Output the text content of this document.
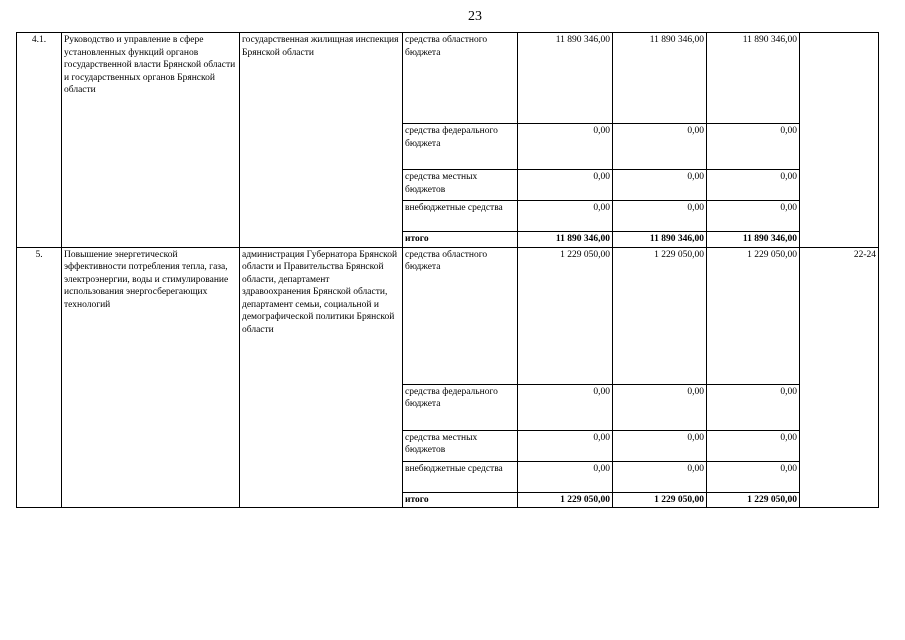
23
4.1.	Руководство и управление в сфере установленных функций органов государственной власти Брянской области и государственных органов Брянской области	государственная жилищная инспекция Брянской области	средства областного бюджета	11 890 346,00	11 890 346,00	11 890 346,00	
			средства федерального бюджета	0,00	0,00	0,00	
			средства местных бюджетов	0,00	0,00	0,00	
			внебюджетные средства	0,00	0,00	0,00	
			итого	11 890 346,00	11 890 346,00	11 890 346,00	
5.	Повышение энергетической эффективности потребления тепла, газа, электроэнергии, воды и стимулирование использования энергосберегающих технологий	администрация Губернатора Брянской области и Правительства Брянской области, департамент здравоохранения Брянской области, департамент семьи, социальной и демографической политики Брянской области	средства областного бюджета	1 229 050,00	1 229 050,00	1 229 050,00	22-24
			средства федерального бюджета	0,00	0,00	0,00	
			средства местных бюджетов	0,00	0,00	0,00	
			внебюджетные средства	0,00	0,00	0,00	
			итого	1 229 050,00	1 229 050,00	1 229 050,00	
